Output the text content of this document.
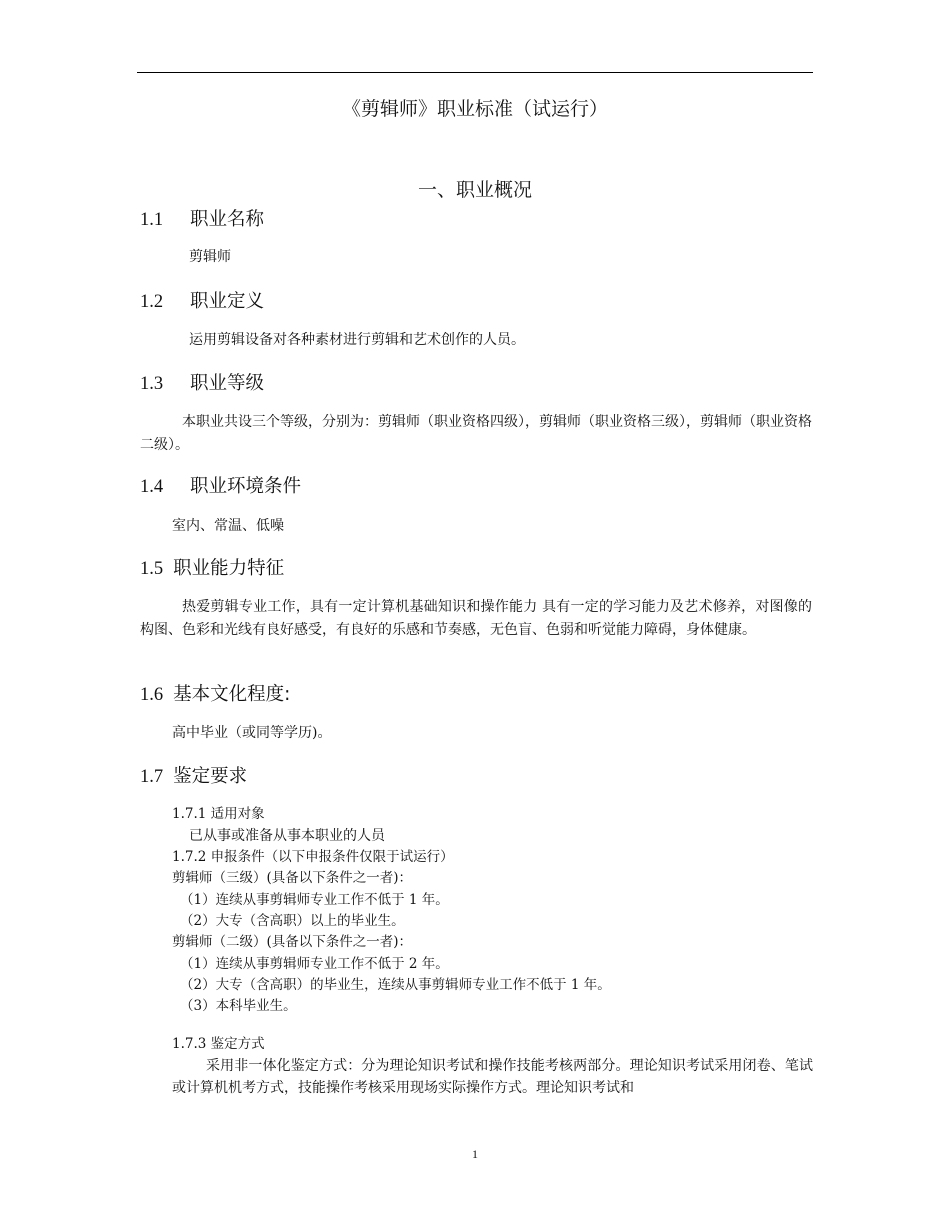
《剪辑师》职业标准（试运行）
一、职业概况
1.1 职业名称
剪辑师
1.2 职业定义
运用剪辑设备对各种素材进行剪辑和艺术创作的人员。
1.3 职业等级
本职业共设三个等级，分别为：剪辑师（职业资格四级），剪辑师（职业资格三级），剪辑师（职业资格二级）。
1.4 职业环境条件
室内、常温、低噪
1.5 职业能力特征
热爱剪辑专业工作，具有一定计算机基础知识和操作能力 具有一定的学习能力及艺术修养，对图像的构图、色彩和光线有良好感受，有良好的乐感和节奏感，无色盲、色弱和听觉能力障碍，身体健康。
1.6 基本文化程度:
高中毕业（或同等学历)。
1.7 鉴定要求
1.7.1 适用对象
已从事或准备从事本职业的人员
1.7.2 申报条件（以下申报条件仅限于试运行）
剪辑师（三级）(具备以下条件之一者)：
（1）连续从事剪辑师专业工作不低于 1 年。
（2）大专（含高职）以上的毕业生。
剪辑师（二级）(具备以下条件之一者)：
（1）连续从事剪辑师专业工作不低于 2 年。
（2）大专（含高职）的毕业生，连续从事剪辑师专业工作不低于 1 年。
（3）本科毕业生。
1.7.3 鉴定方式
采用非一体化鉴定方式：分为理论知识考试和操作技能考核两部分。理论知识考试采用闭卷、笔试或计算机机考方式，技能操作考核采用现场实际操作方式。理论知识考试和
1
